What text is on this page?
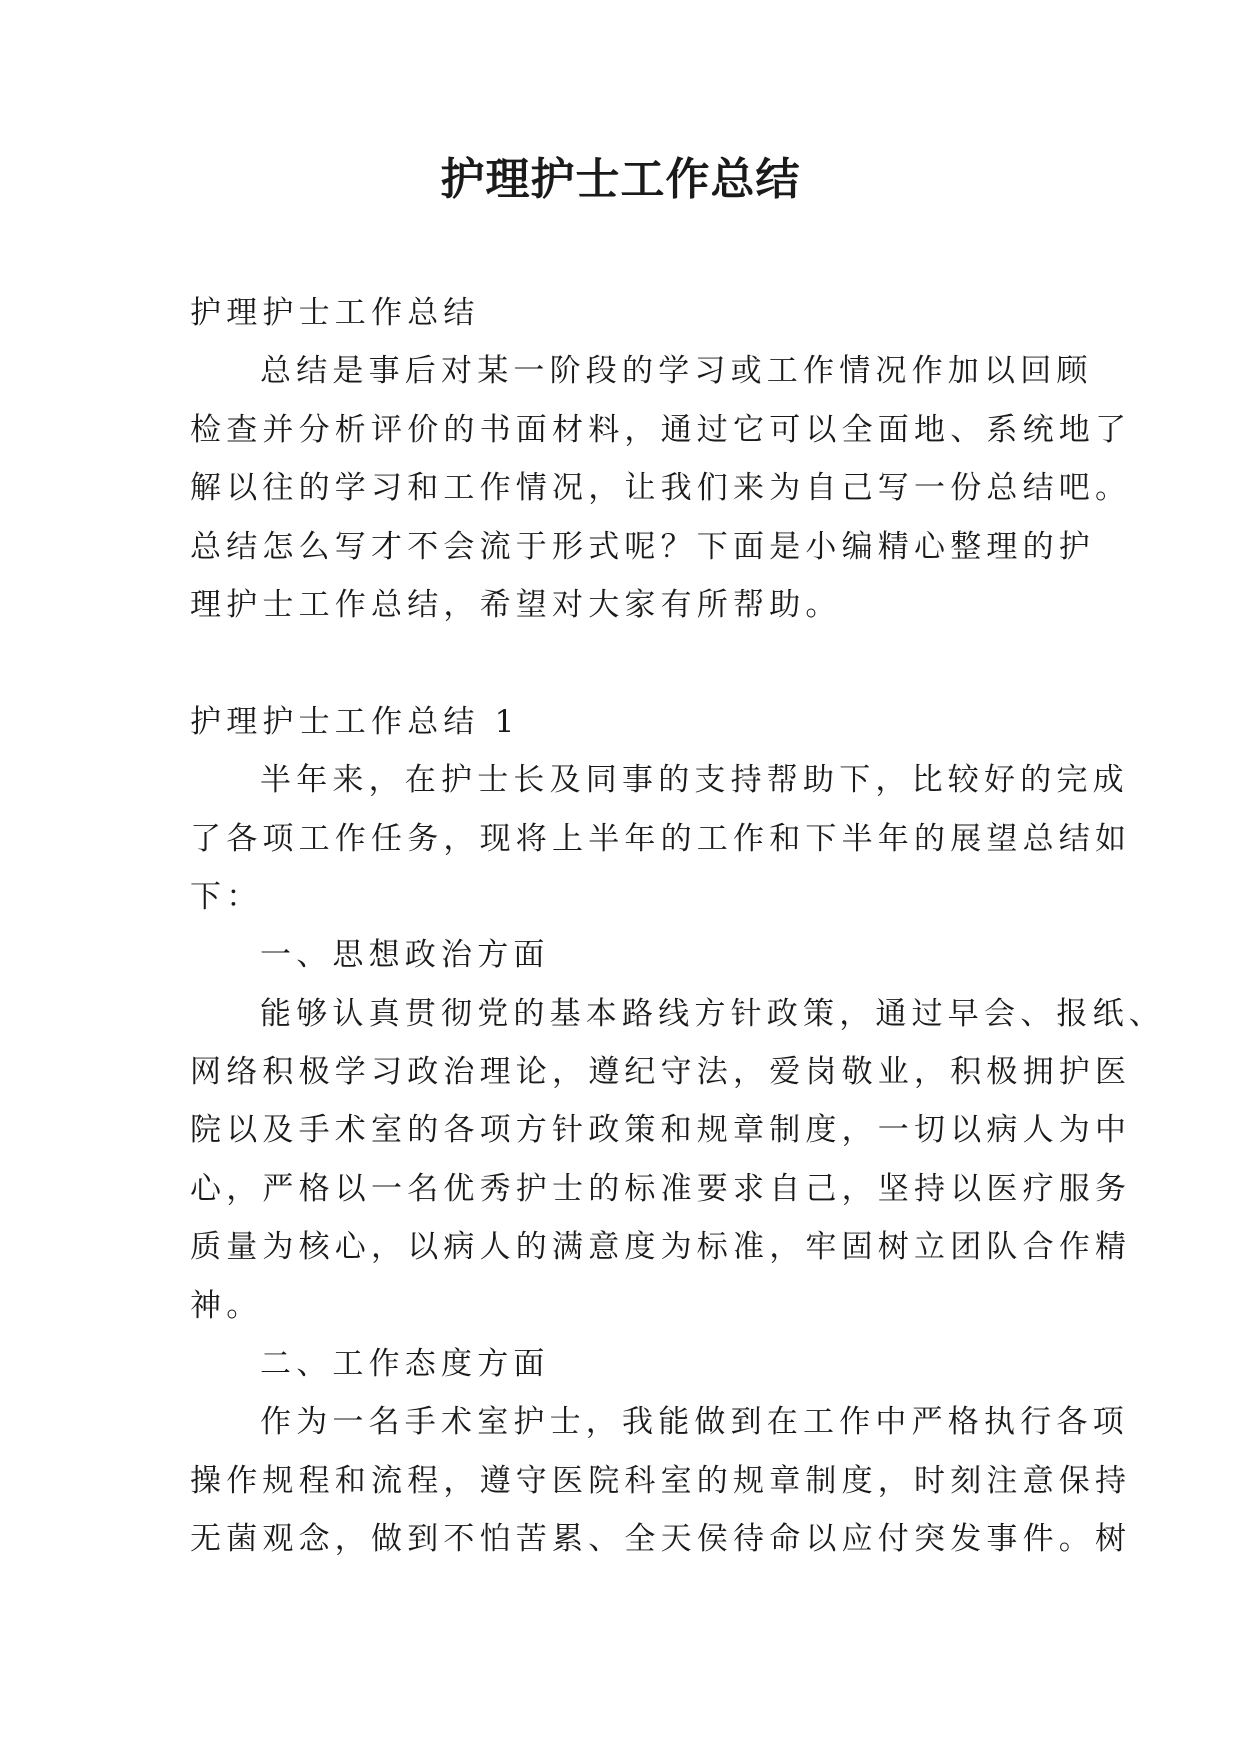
护理护士工作总结

护理护士工作总结

总结是事后对某一阶段的学习或工作情况作加以回顾

检查并分析评价的书面材料，通过它可以全面地、系统地了

解以往的学习和工作情况，让我们来为自己写一份总结吧。

总结怎么写才不会流于形式呢？下面是小编精心整理的护

理护士工作总结，希望对大家有所帮助。

护理护士工作总结 1

半年来，在护士长及同事的支持帮助下，比较好的完成

了各项工作任务，现将上半年的工作和下半年的展望总结如

下：

一、思想政治方面

能够认真贯彻党的基本路线方针政策，通过早会、报纸、

网络积极学习政治理论，遵纪守法，爱岗敬业，积极拥护医

院以及手术室的各项方针政策和规章制度，一切以病人为中

心，严格以一名优秀护士的标准要求自己，坚持以医疗服务

质量为核心，以病人的满意度为标准，牢固树立团队合作精

神。

二、工作态度方面

作为一名手术室护士，我能做到在工作中严格执行各项

操作规程和流程，遵守医院科室的规章制度，时刻注意保持

无菌观念，做到不怕苦累、全天侯待命以应付突发事件。树
